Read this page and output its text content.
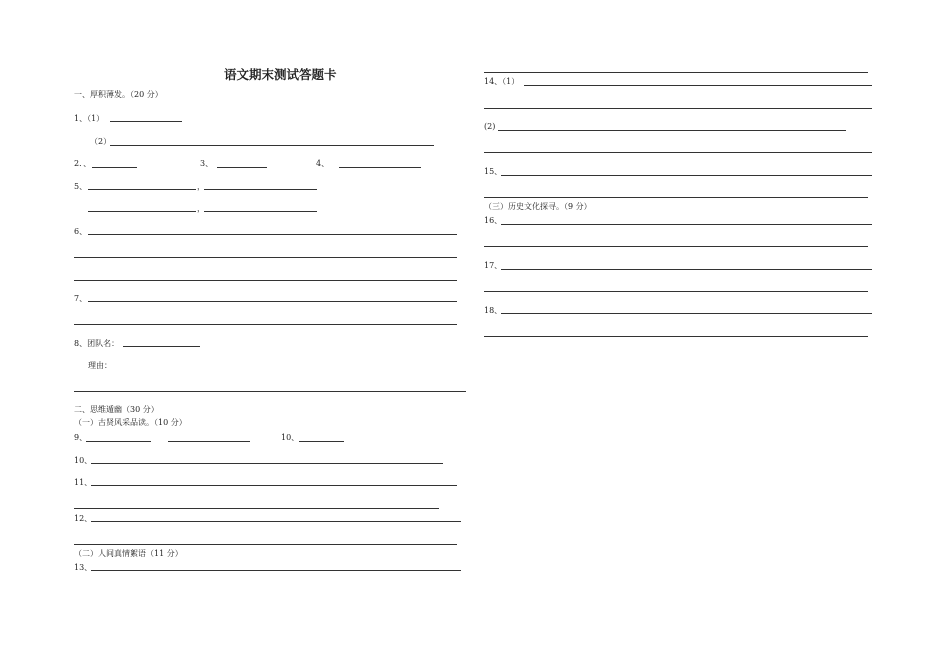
语文期末测试答题卡
一、厚积薄发。（20 分）
1、（1）
（2）
2．、	3、	4、
5、	，
，
6、
7、
8、团队名：
理由：
二、思维遁幽（30 分）
（一）古贤风采品读。（10 分）
9、	10、
10、
11、
12、
（二）人间真情絮语（11 分）
13、
14、（1）
(2)
15、
（三）历史文化探寻。（9 分）
16、
17、
18、
